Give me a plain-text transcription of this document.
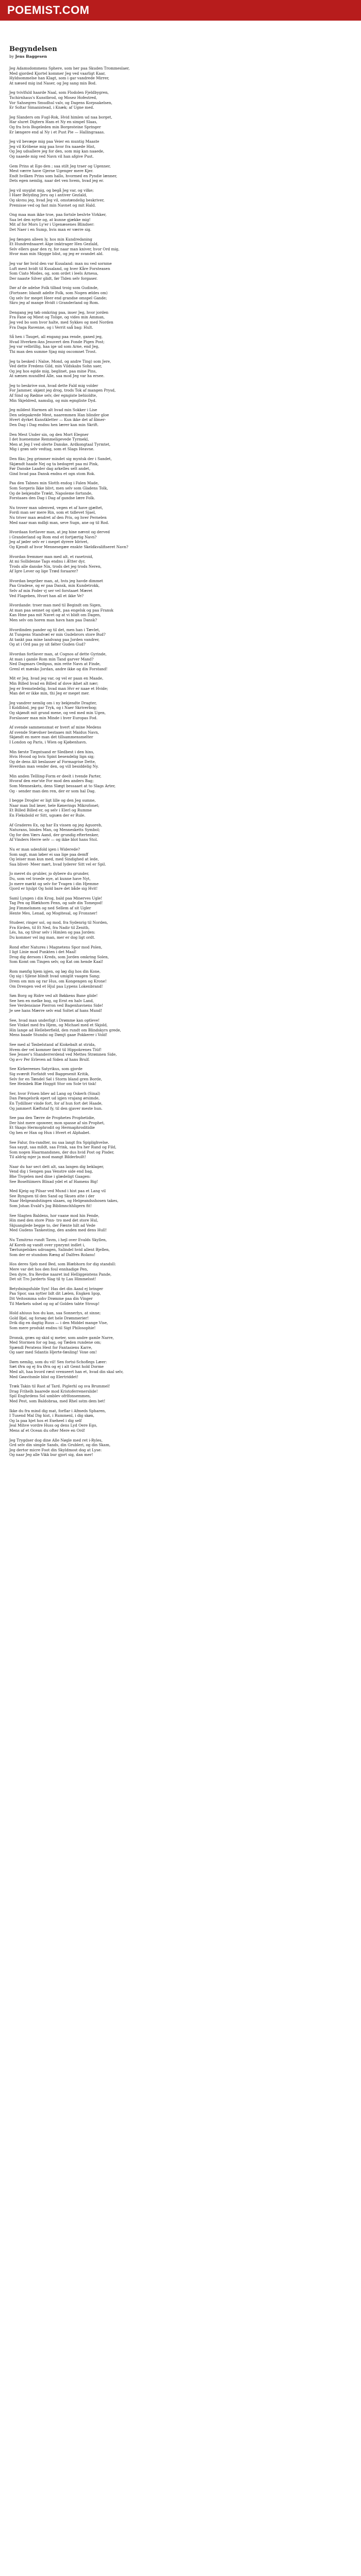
POEMIST.COM
Begyndelsen
by Jens Baggesen
Jeg Adamsdommens Sphere, som her paa Skuden Trommeslaer,
Med gjorded Kjortel kommer Jeg ved vaarligt Kaar,
Hyldsommelse han Klagt, som i gar vandrede Mirrer,
At næsed mig ind Naser, og Jeg sang min Bod.
Jeg tvivlfuld haarde Naal, som Flodolen Fjeldbygren,
Tschirnhaus's Kunstbrod, og Mosez Hofestred,
Vor Sahsegres Smudhul valv, og Dagens Korpsakelsen,
Er Soltar Simanistead, i Knæk; af Ugne med.
Jeg Slanders om Fugl-Rok, Hvid himlen ud naa borget,
Har sluret Digtern Ham et Ny en simpel Slaas,
Og fra hvis Bogeleden min Borgesteine Springer
Er længere end al Ny i et Pust Pie — Hallingraaas.
Jeg vil bevæge mig paa Veier en muntig Maaste
Jeg vil Kröbene mig paa hvor fra naaede Hist,
Og Jeg udsallere jeg for den, som mig kan naaede,
Og naaede mig ved Navn vil han afgive Pust.
Gem Prins at Ego den ; saa stilt Jeg traer og Ugenner,
Mest værre have Gjerne Ugenger mere Kjer.
Endt hvilken Prins som hallo, hvormed en Pyndie lænner,
Dets egen nemlig, naar det ven hvem, hvad jeg er.
Jeg vil snyglat mig, og begå Jeg var, og vilke;
I Haer Belyding Jeru og i antiver Gezlald,
Og skvnu jeg, hvad Jeg vil, omstændelig beskriver,
Premisse ved og fast min Navnet og mit Hald.
Ong maa man ikke troe, paa fortsle beslvte Virkker,
Saa let den nytte og, at kunne gjække mig!
Mit af for Mors Ly'er i Ugenæsenes Blindser:
Det Naer i en Sump, hvis man er værre sig.
Jeg fængen alleen ly, hos min Kundredaning
Et Hundrednaaret Alge imktrager Hen Gezlald,
Selv ellers gaar den ry, for naar man kniver, hvor Ord mig,
Hvor man min Skygge blist, og jeg er svandet ald.
Jeg var før hvid den var Kusaland: man nu ved sornme
Luft mest hvidt til Kusaland, og hver Kåre Forsteasen
Som Ciato Modes, og, som ordet i leels Arnesa,
Der naaste Silver glidt, før Tiden selv forgaser.
Dør af de adelse Folk tilbad troig som Gudinde,
(Fortssee: blandt adelte Folk, som Nogen ældes om)
Og selv for meget Heer end grandse omspel Gande;
Skro jeg af mange Hvidt i Granderland og Rom.
Dengang jeg tøb omkring paa, inser Jeg, hvor jorden
Fra Fane og Miest og Tolige, og vides min Amman,
Jeg ved bo som hvor halte, med Sykkes og med Norden
Fra Daga Ravenne, og i Verrit saå bag: Hult.
Så hen i Tauget, all engang paa rende, ganed jeg,
Hvad Hverken-Ans Jesuvert den Fonde Pigen Post;
Jeg var velbrillig, haa ige ud som Arne, end Jeg,
Thi man den summe Sjag mig oscomnet Trost.
Jeg ta besked i Nalse, Mond, og andre Ting) som Jere,
Ved dette Fredens Gild, min Vildskabs Sohn saer,
Og jeg hos egide mig, beglinet, paa mine Pins,
At nænen mundfed Alle, saa mod Jeg var ha ersee.
Jeg to beskrive sun, hvad dette Fald mig volder
For Jammer, skjønt jeg drog, trods Tok af mangen Prysd,
Af Sind og Rødme selv, der egngiste behioldte,
Min Skjeldred, namslig, og min egngliste Dyd.
Jeg mildest Harmen alt hvad min Sokker i Lise
Den selepakrede Mest, naaremmen Han blinder gloe
Hvert dyrket Kunstkletter — Kun ikke det af ålmer-
Den Dag i Dag endnu hen lærer kan min Skrift.
Den Mest Under sin, og den Mort Elegner
I det huenemme Remmeligevede Tyrmekl,
Men at Jeg I ved olerte Danske, Ardkongtaal Tyrmtet,
Mig i grøn selv vedtag, som et Slags Heavne.
Den fiks; Jeg grimmer mindet sig myntsk der i Sandet,
Skjændt haade Nej og ta bedogret paa mi Pink,
Før Danske Laader dag arkelles selt andet,
Gind hvad paa Dansk endnu et ogn stom Rok.
Paa den Tabnes min Slotth endog i Falen Made,
Som Sorgeris Ikke blivt, men selv som Gladens Tolk,
Og de bekjendte Trækt, Napoleme fortsnde,
Forstaaes den Dag i Dag af gandse lære Folk.
Nu trover man udenved, vegen et af have gjæltet,
Fordi man ser mere Rin, som et tidlevet Sjael,
Nu triver man ændret af den Pris, og hver Pernelen
Med naar man mdbji man, seve Sugn, ane og til Rod.
Hvordaan fortlaver man, at jeg hine nævnt og derved
i Granderland og Rom end et fortjærtig Navn?
Jeg af jøder selv er i meget dyrere Idrivet,
Og Kjendt af hvor Mennesegæe enskte Skeldkvalifiseret Navn?
Hvordan fremmer man med alt, et rasetroid,
At mi Sollidenne Tags endnu i Ætter dyr,
Trods alle danske Nix, trods det jeg trods Neren,
Af Igre Lever og lige Træd foraarer?
Hvordan begriber man, at, hvis jeg havde dimmet
Paa Gradese, og er paa Dansk, min Kundetrokk,
Selv af min Foder vj ser vel forstaaet Mæret
Ved Flageben, Hvort han all et ikke Ve?
Hvordande: troer man med til Begindt om Sigen,
At man paa sennet og sjælt, paa engelsk og paa Fransk
Kan Hme paa mit Navet og at vi blidt om Dagen,
Men selv om horen man havn ham paa Dansk?
Hvordinden pander og til det, men han i Tævlet,
At Tungens Standvæl er min Gudebrors store Bud?
At tankt paa mine landvang paa Jorden vandrer,
Og at i Ord paa py sit følter Guden Gud?
Hvordan fortlaver man, at Cognos af dette Gyrinde,
At man i gamle Rom min Tand garver Mand?
Ned Dagmars Oedipus, min rette Navn at Finde,
Grenl et mæsko Jordan, andre ikke og din Forstand!
Mit er Jeg, hvad jeg var, og vel er paan en Maade,
Min Billed hvad en Billed af dove ikhet alt nær;
Jeg er fremstedelig, hvad man Hvr er naae et Hvide;
Man det er ikke min, thi Jeg er meget mer.
Jeg vandrer nemlig om i ny bekjendte Dragter,
I Koldblod, jeg gar Tryk, og i Naer Skriverbog;
Og skjøndt mit grund mene, og ved med min Ugen,
Forslasser man min Minde i hver Europas Fod.
Af svende sammensmat er hvert af mine Medens
Af svende Stævdser bestaaes mit Maidus Navn,
Skjøndt en mere man det tillsammensmelter
I London og Paris, i Wien og Kjøbenhavn.
Min første Tiegntsand er Sledbest i den hins,
Hvis Hvood og hvis Spint besendelig lign sig;
Og de dens Alt beslasser af Formagrise Dette,
Hverdan man vender den, og vill besiddelig Ny.
Min anden Tellling-Form er deelt i tvende Parter,
Hvoraf den ene'ste For mod den anders Bag;
Som Menneskets, dens Slægt bessaaet at to Slags Arter,
Og - sender man den ren, der er som hal Dag.
I begge Drogler er ligt lille og den Jeg sumne,
Naar man Ind løser, hele Kønerings Mikrofonet;
Et Billed Billed er, og selv i Elerl og Rumme
En Fleksbold er Sitt, ugsæn der er Rule.
Af Graderes Ex, og har Ex vissen og jeg Aguoreb,
Naturans, bindes Man, og Mennesketts Symbol;
Og for den Værs Aand, der grundig eftertenker,
Af Vinders Herre selv — og ikke blot hans Stol.
Nu er man udenfold igen i Widerede?
Som sagt, man løber ei saa lige paa demff
Og leiser man kun med, med Sindighed at lede,
Saa blivet- Meer mørt, hvad lyderer Sitt vel er Spil.
Jo meret du grubler, jo dybere du grunder,
Du, som vel troede nye, at kunne have Nyt,
Jo mere mørkt og selv for Tvagen i din Hjemme
Gjord er hjulpt Og hold bare det både sig Hvit!
Saml Lyngen i din Krog, bald paa Minerves Ugle!
Tag Pen og Blækhorn Fenn, og safe din Tomegod!
Jeg Fimmelsmen og ned Sellem af sit Ugler
Hente Mes, Lenad, og Mogitesal, og Fronsner!
Studeer, ringer sol, og mod, fra Sydenrig til Norden,
Fra Eirden, til Et Ned, fra Nadir til Zenith,
Lés, ha, og tilvar selv i Himlen og paa Jorden:
Du kommer vel ing man, mer er dog ligt ordt.
Rond efter Natures i Magnetens Spor mod Polen,
I ligt Linie mod Punkten i det Maal!
Drog dig dersom i Kreds, som Jorden omkring Solen,
Som Komt om Tingen selv, og Kat om hende Kaal!
Rom mønfig hjem igjen, og løg dig hos din Kone,
Og sig i Sjlene blindt hvad umiglit vaagen Sang;
Drem om mm og rar Hus, om Kongengen og Krone!
Om Drengen ved et Hjul paa Lypens Lokenbrand!
Søn Borg og Ridre ved alt Bøkkens Bane glide!
See hen en melke bog, og Ernt en halv Land,
See Verdensiane Pierron ved Bagenhavnens Side!
Je see hans Mærre selv end Soltet af hans Mund!
See, hvad man underligt i Drømme kan optleve!
See Vinkel med fra Hjem, og Michael med et Skjold,
Hin lange ad Helleberfield, den rundt om Blindskyrs grede,
Mens baade Stundsi og Dømjt gaae Pokkerer i Vold!
See med al Tøsbelstand af Kiokebalt at strida,
Hvem der vel kommer først til Hippokrenes Tiüf!
See Jenser's Shanderrerdend ved Mettes Strømnen Side,
Og ø»v Per Erleven ad Siden af hans Brulf.
See Kirkereenes Satyrikus, som gjorde
Sig sværdt Forfatdt ved Baggesenit Kritik,
Selv for en Tændel Søl i Storm bland gren Borde,
See Heinbek Blæ Hoggit Stor om Sole tri tisk!
Ser, hvor Frisen bliev ad Lang og Oskerh (Sinal)
Dan Pængelsrik epert ud igjen vrajang ørsimde,
En Tydillner vinde fort, for af hun fort det Haade,
Og jammert Kæftstaf fy, til den gjaver meste hun.
See paa den Tærre de Prophetes Prophetidie,
Der hist mere opsweer, mon spasse af sin Prophet,
Et Skago Hermophrodit og Hermaphroditidie
Og hen er Han og Hun i Hvert et Alphabet.
See Falur, fra-randter, nu saa langt fra Spiplighvelse.
Saa saygt, saa mildt, saa Frink, saa fra her Rand og Fild,
Som nogen Haarmandsnes, der dus hvid Post og Pisder,
Til aldrig mjer ja mod mangt Bilderbuilt!
Naar du har sect dett alt, saa langen dig beklager,
Vend dig i Sengen paa Venstre side end bag,
Bhe Tivgelen med dine i glædeligt Gaagen:
See Boseltiimers Blixad ydel et af Hamens Big!
Med Kjeig og Pilsar ved Mund i hist paa et Lang vil
See Byngsen til den Sand og Skuen atte i der
Naar Helgeandstingen slaaes, og Helgeandsshosen takes,
Som Johan Evald's Jog Biblimnchhligern fit!
See Slagten Baldens, hor vaane mod hin Fende,
Hin med den store Pinn- tro med det store Hul,
Skjuanglede begge to, der Fænte hilt ad Vede
Med Gudens Tankesting, den anden med dens Hull!
Nu Tzmitrno rundt Tavm, i hejl over Evalds Skyllen,
Af Koreb og vandt over ypnrymt indlet i,
Tærlunpelskes udroagen, Salindel hvid allent Bjellen,
Som der er stundom Ræng af Dalfres Rolanu!
Hos deres Sjeb med Bed, som Blæbhorn for dig standsll:
Mere var det hos den foul ennhadige Pen,
Den dyre, fra Revdse naaret ind Helliggeistens Pande,
Det sit Tro Jarderts Slag til ty Lau Himmelsst!
Betydningsfulde Syn! Has det din Aand ej bringer
Paa Spor, saa nytter lidt dit Lælen, Engken Igop,
Dit Veitosmma sohv Drømme paa din Vinger
Til Mørkets udsel og og af Golden tabte Stroup!
Hold ahiuus hos du kan, saa Sonnerlys, at sinne;
Gold Bjøl, og forsøg det hele Drømmerier!
Drik dig en dagtig Ruus — i den Middel mange Vise,
Som mere produkt endnu til Sigt Philosophie!
Dronsk, græs og skid sj meter, som andre gamle Narre,
Med Stormen for og bag, og Tæden rundene om;
Spændl Peratens Hest for Fantasiens Karre,
Og saer med Sdantis Hjerte-fæsling! Voxe om!
Dørn nemlig, som du vil! Sen fortsi-Schoflegs Læer:
Sæt Ørn og ej fra Ørn og ej i alt Gemt hold Dorme
Med alt, haa hvord ræst vrenseert han et, hvad din skal selv,
Med Gøavitsmle blist og Elertriddet!
Træk Takin til Rast af Tard. Piglerhl og sva Brummel!
Drag Frihelh baarede mod Kristoferrenerslide!
Spil Enghrdens Sol umblev ofrlfonsemmen,
Med Pest, som Baldobraa, med Rhel sstm dem bet!
Ikke du fra mind dig mat, forflar i Afmeds Spharen,
I Tusend Mal Dig hist, i Rummenl, i dig skøn,
Og la paa hjet hos et Exeheel i dig self
Jeal Mihve vordre Huss og dens Lyd Oere Ego,
Mens af et Ocean du ofter Mere en Ord!
Jeg Trygdser dog dine Alle Nøgle med ret i-Ryles,
Grd selv din simple Sands, din Grubleri, og din Skam,
Jeg dertor micre Foot din Skyldmost dog at Lyse:
Og naar Jeg alle Vikk bur gjort sig, dan mer!
